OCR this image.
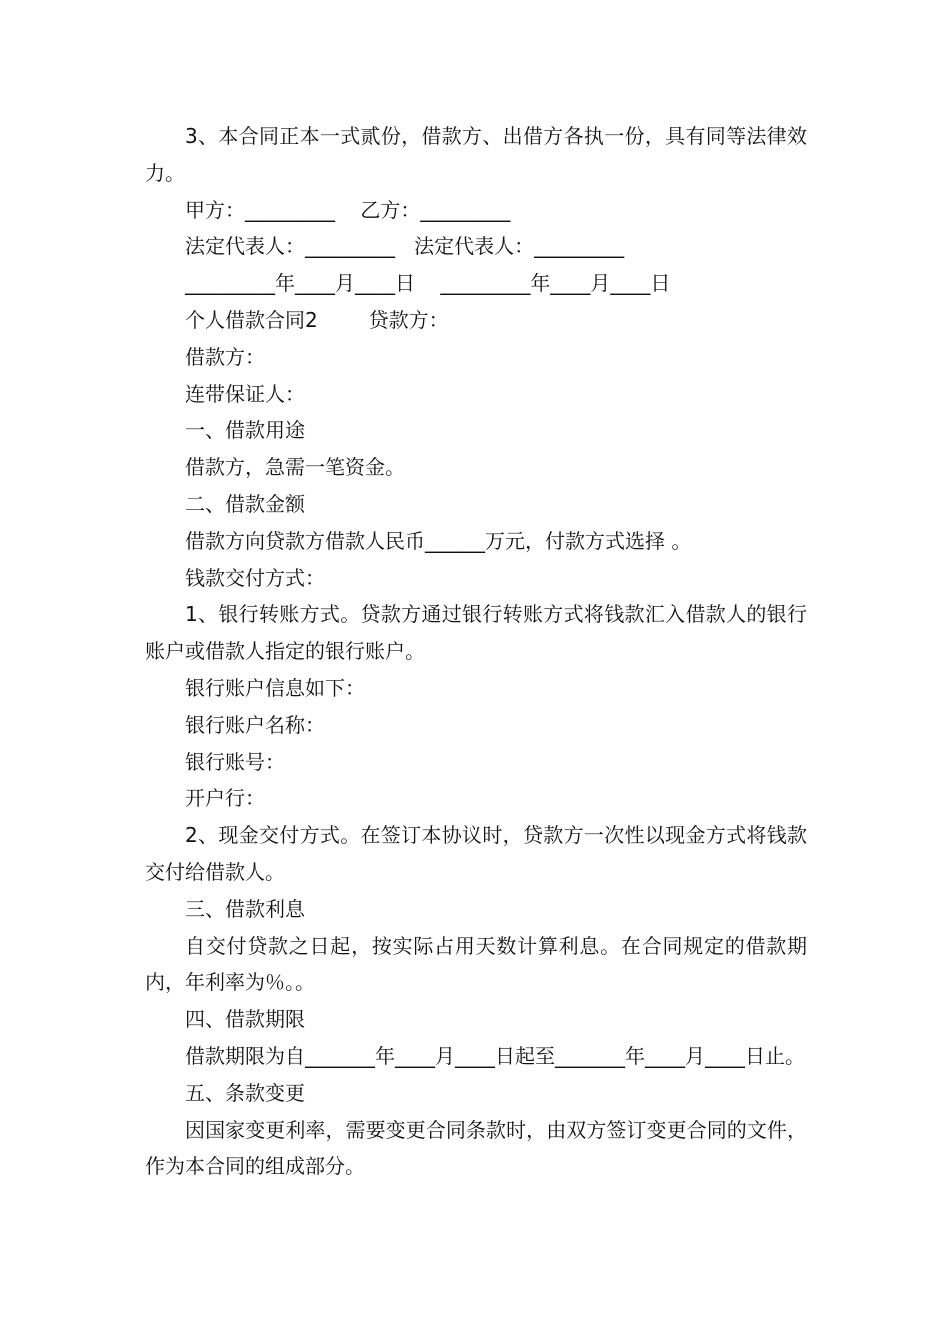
3、本合同正本一式贰份，借款方、出借方各执一份，具有同等法律效力。

甲方：_________    乙方：_________

法定代表人：_________   法定代表人：_________

_________年____月____日    _________年____月____日

个人借款合同2        贷款方：

借款方：

连带保证人：

一、借款用途

借款方，急需一笔资金。

二、借款金额

借款方向贷款方借款人民币______万元，付款方式选择 。

钱款交付方式：

1、银行转账方式。贷款方通过银行转账方式将钱款汇入借款人的银行账户或借款人指定的银行账户。

银行账户信息如下：

银行账户名称：

银行账号：

开户行：

2、现金交付方式。在签订本协议时，贷款方一次性以现金方式将钱款交付给借款人。

三、借款利息

自交付贷款之日起，按实际占用天数计算利息。在合同规定的借款期内，年利率为％。。

四、借款期限

借款期限为自_______年____月____日起至_______年____月____日止。

五、条款变更

因国家变更利率，需要变更合同条款时，由双方签订变更合同的文件，作为本合同的组成部分。
